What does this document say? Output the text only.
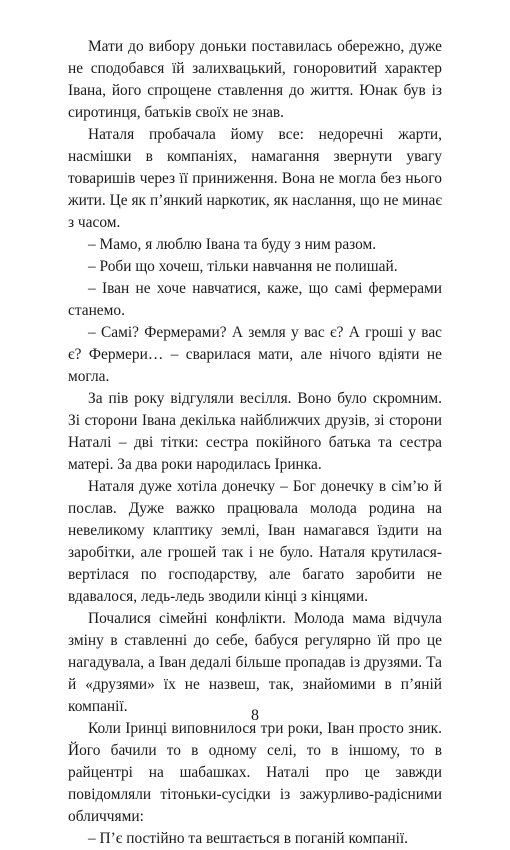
Мати до вибору доньки поставилась обережно, дуже не сподобався їй залихвацький, гоноровитий характер Івана, його спрощене ставлення до життя. Юнак був із сиротинця, батьків своїх не знав.

Наталя пробачала йому все: недоречні жарти, насмішки в компаніях, намагання звернути увагу товаришів через її приниження. Вона не могла без нього жити. Це як п’янкий наркотик, як наслання, що не минає з часом.

– Мамо, я люблю Івана та буду з ним разом.

– Роби що хочеш, тільки навчання не полишай.

– Іван не хоче навчатися, каже, що самі фермерами станемо.

– Самі? Фермерами? А земля у вас є? А гроші у вас є? Фермери… – сварилася мати, але нічого вдіяти не могла.

За пів року відгуляли весілля. Воно було скромним. Зі сторони Івана декілька найближчих друзів, зі сторони Наталі – дві тітки: сестра покійного батька та сестра матері. За два роки народилась Іринка.

Наталя дуже хотіла донечку – Бог донечку в сім’ю й послав. Дуже важко працювала молода родина на невеликому клаптику землі, Іван намагався їздити на заробітки, але грошей так і не було. Наталя крутилася-вертілася по господарству, але багато заробити не вдавалося, ледь-ледь зводили кінці з кінцями.

Почалися сімейні конфлікти. Молода мама відчула зміну в ставленні до себе, бабуся регулярно їй про це нагадувала, а Іван дедалі більше пропадав із друзями. Та й «друзями» їх не назвеш, так, знайомими в п’яній компанії.

Коли Іринці виповнилося три роки, Іван просто зник. Його бачили то в одному селі, то в іншому, то в райцентрі на шабашках. Наталі про це завжди повідомляли тітоньки-сусідки із зажурливо-радісними обличчями:

– П’є постійно та вештається в поганій компанії.

8
